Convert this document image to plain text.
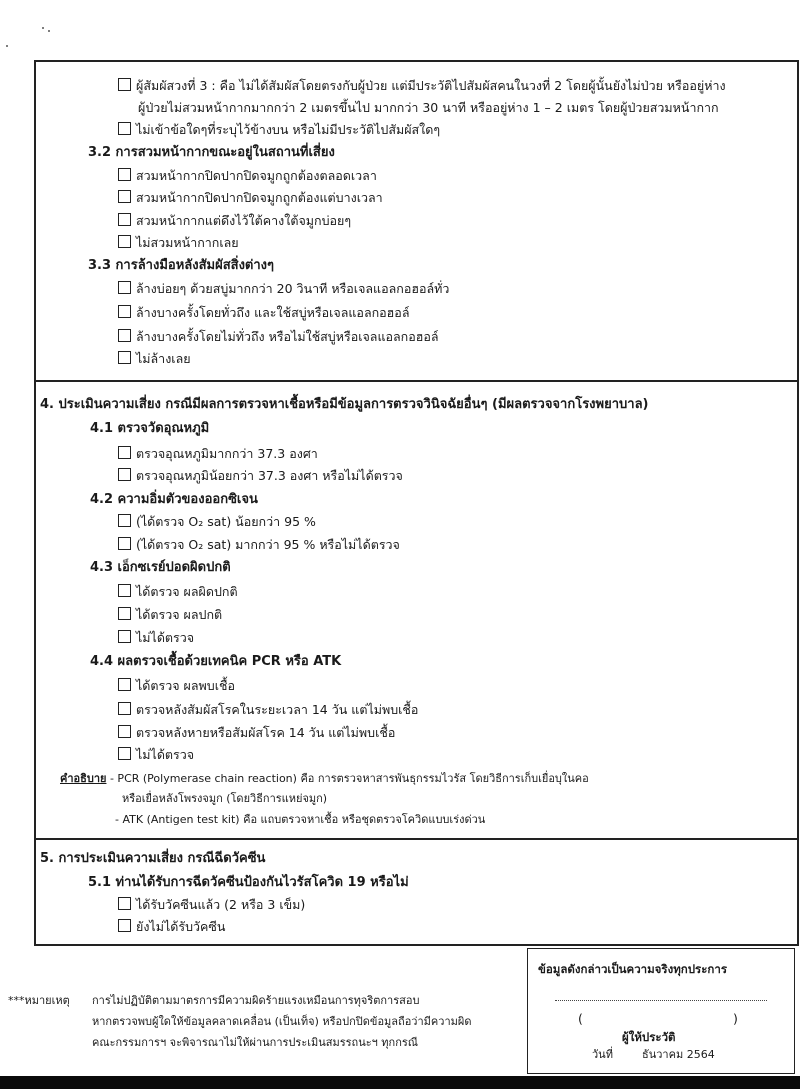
ผู้สัมผัสวงที่ 3 : คือ ไม่ได้สัมผัสโดยตรงกับผู้ป่วย แต่มีประวัติไปสัมผัสคนในวงที่ 2 โดยผู้นั้นยังไม่ป่วย หรืออยู่ห่าง
ผู้ป่วยไม่สวมหน้ากากมากกว่า 2 เมตรขึ้นไป มากกว่า 30 นาที หรืออยู่ห่าง 1 – 2 เมตร โดยผู้ป่วยสวมหน้ากาก
ไม่เข้าข้อใดๆที่ระบุไว้ข้างบน หรือไม่มีประวัติไปสัมผัสใดๆ
3.2 การสวมหน้ากากขณะอยู่ในสถานที่เสี่ยง
สวมหน้ากากปิดปากปิดจมูกถูกต้องตลอดเวลา
สวมหน้ากากปิดปากปิดจมูกถูกต้องแต่บางเวลา
สวมหน้ากากแต่ดึงไว้ใต้คางใต้จมูกบ่อยๆ
ไม่สวมหน้ากากเลย
3.3 การล้างมือหลังสัมผัสสิ่งต่างๆ
ล้างบ่อยๆ ด้วยสบู่มากกว่า 20 วินาที หรือเจลแอลกอฮอล์ทั่ว
ล้างบางครั้งโดยทั่วถึง และใช้สบู่หรือเจลแอลกอฮอล์
ล้างบางครั้งโดยไม่ทั่วถึง หรือไม่ใช้สบู่หรือเจลแอลกอฮอล์
ไม่ล้างเลย
4. ประเมินความเสี่ยง กรณีมีผลการตรวจหาเชื้อหรือมีข้อมูลการตรวจวินิจฉัยอื่นๆ (มีผลตรวจจากโรงพยาบาล)
4.1 ตรวจวัดอุณหภูมิ
ตรวจอุณหภูมิมากกว่า 37.3 องศา
ตรวจอุณหภูมิน้อยกว่า 37.3 องศา หรือไม่ได้ตรวจ
4.2 ความอิ่มตัวของออกซิเจน
(ได้ตรวจ O₂ sat) น้อยกว่า 95 %
(ได้ตรวจ O₂ sat) มากกว่า 95 % หรือไม่ได้ตรวจ
4.3 เอ็กซเรย์ปอดผิดปกติ
ได้ตรวจ ผลผิดปกติ
ได้ตรวจ ผลปกติ
ไม่ได้ตรวจ
4.4 ผลตรวจเชื้อด้วยเทคนิค PCR หรือ ATK
ได้ตรวจ ผลพบเชื้อ
ตรวจหลังสัมผัสโรคในระยะเวลา 14 วัน แต่ไม่พบเชื้อ
ตรวจหลังหายหรือสัมผัสโรค 14 วัน แต่ไม่พบเชื้อ
ไม่ได้ตรวจ
คำอธิบาย - PCR (Polymerase chain reaction) คือ การตรวจหาสารพันธุกรรมไวรัส โดยวิธีการเก็บเยื่อบุในคอ
หรือเยื่อหลังโพรงจมูก (โดยวิธีการแหย่จมูก)
- ATK (Antigen test kit) คือ แถบตรวจหาเชื้อ หรือชุดตรวจโควิดแบบเร่งด่วน
5. การประเมินความเสี่ยง กรณีฉีดวัคซีน
5.1 ท่านได้รับการฉีดวัคซีนป้องกันไวรัสโควิด 19 หรือไม่
ได้รับวัคซีนแล้ว (2 หรือ 3 เข็ม)
ยังไม่ได้รับวัคซีน
***หมายเหตุ การไม่ปฏิบัติตามมาตรการมีความผิดร้ายแรงเหมือนการทุจริตการสอบ
หากตรวจพบผู้ใดให้ข้อมูลคลาดเคลื่อน (เป็นเท็จ) หรือปกปิดข้อมูลถือว่ามีความผิด
คณะกรรมการฯ จะพิจารณาไม่ให้ผ่านการประเมินสมรรถนะฯ ทุกกรณี
ข้อมูลดังกล่าวเป็นความจริงทุกประการ
(	)
ผู้ให้ประวัติ
วันที่	ธันวาคม 2564
